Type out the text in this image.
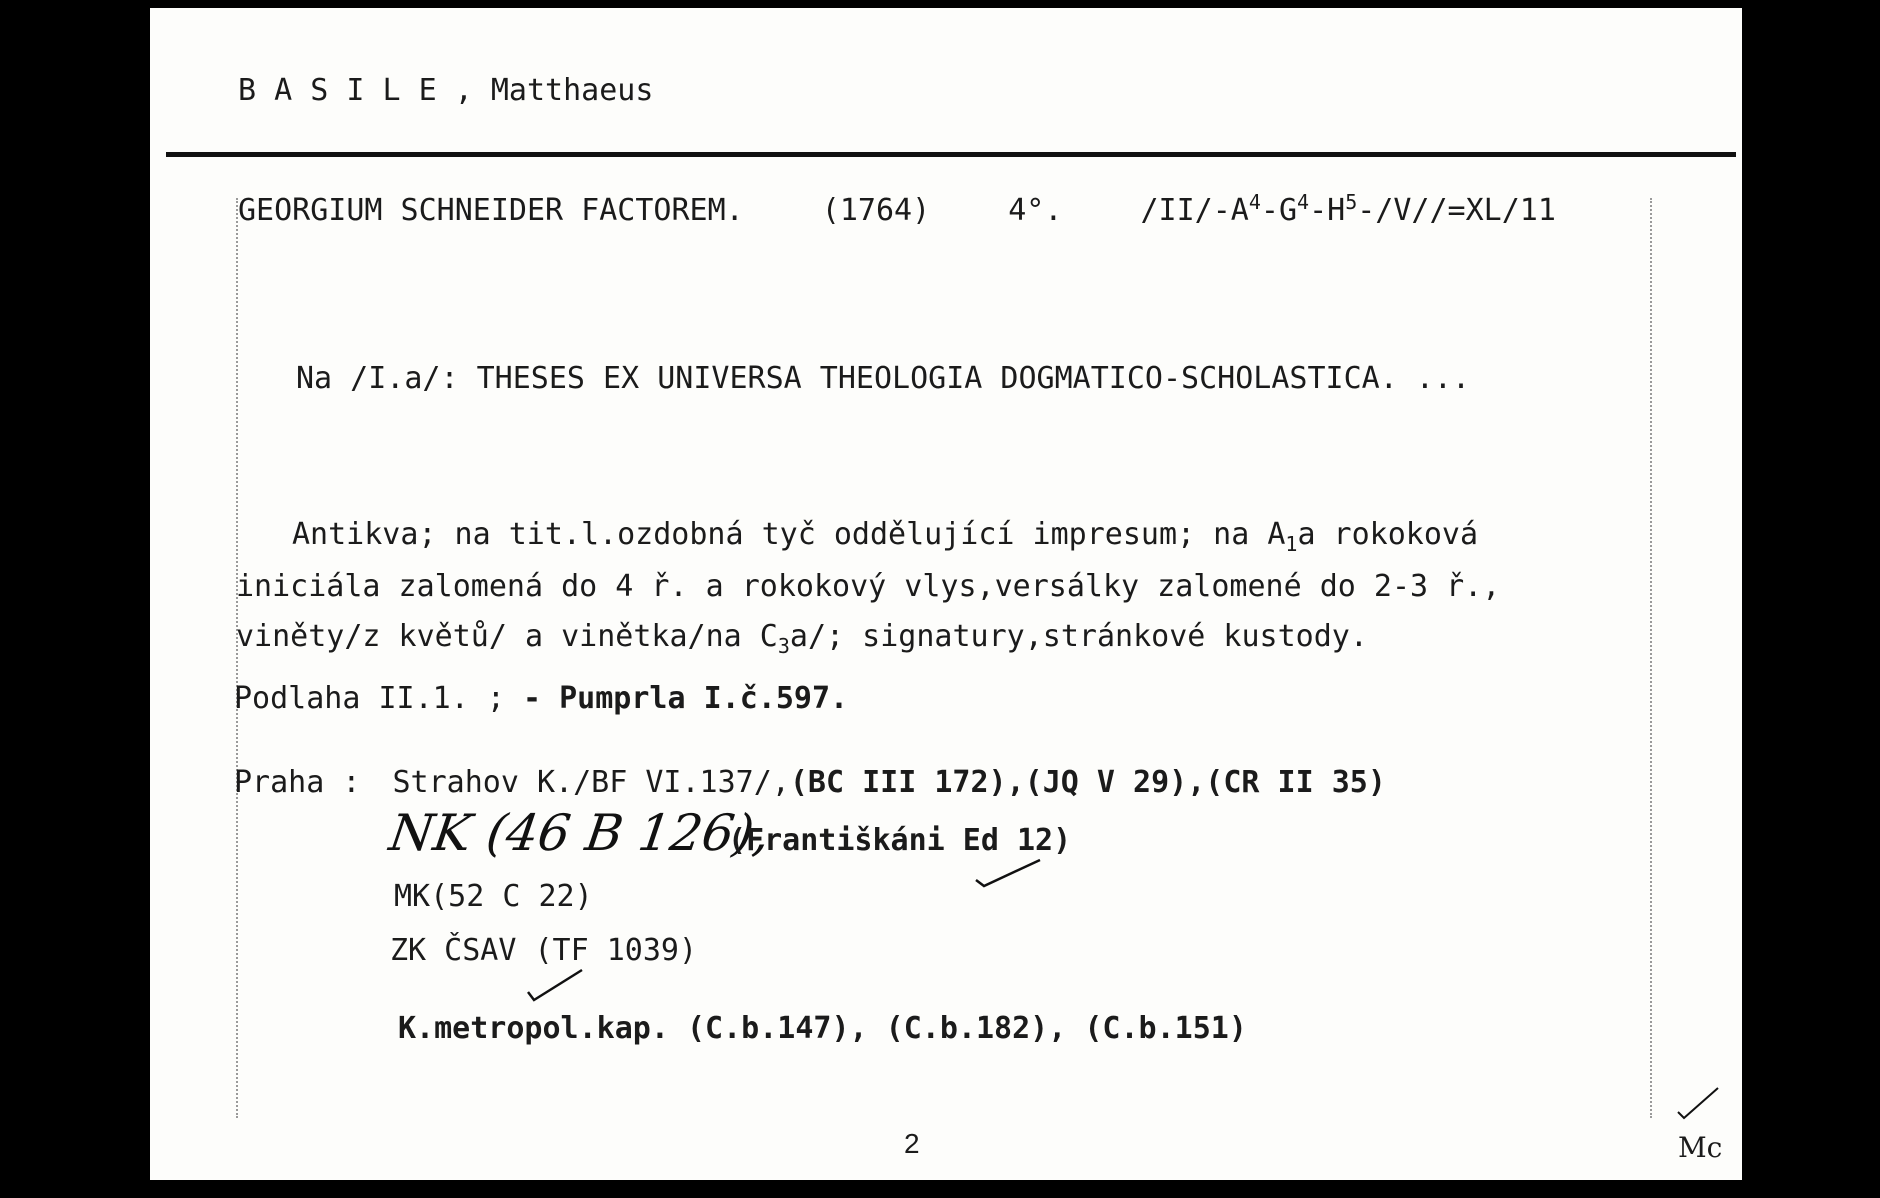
B A S I L E , Matthaeus
GEORGIUM SCHNEIDER FACTOREM.	(1764)	4°.	$/II/-A^4-G^4-H^5-/V//=XL/11$
Na /I.a/: THESES EX UNIVERSA THEOLOGIA DOGMATICO-SCHOLASTICA. ...
Antikva; na tit.l.ozdobná tyč oddělující impresum; na $A_1a$ rokoková
iniciála zalomená do 4 ř. a rokokový vlys,versálky zalomené do 2-3 ř.,
viněty/z květů/ a vinětka/na $C_3a/$; signatury,stránkové kustody.
Podlaha II.1. ; - Pumprla I.č.597.
Praha : Strahov K./BF VI.137/,(BC III 172),(JQ V 29),(CR II 35)
NK (46 B 126),
(Františkáni Ed 12)
MK(52 C 22)
ZK ČSAV (TF 1039)
K.metropol.kap. (C.b.147), (C.b.182), (C.b.151)
2	Mc
